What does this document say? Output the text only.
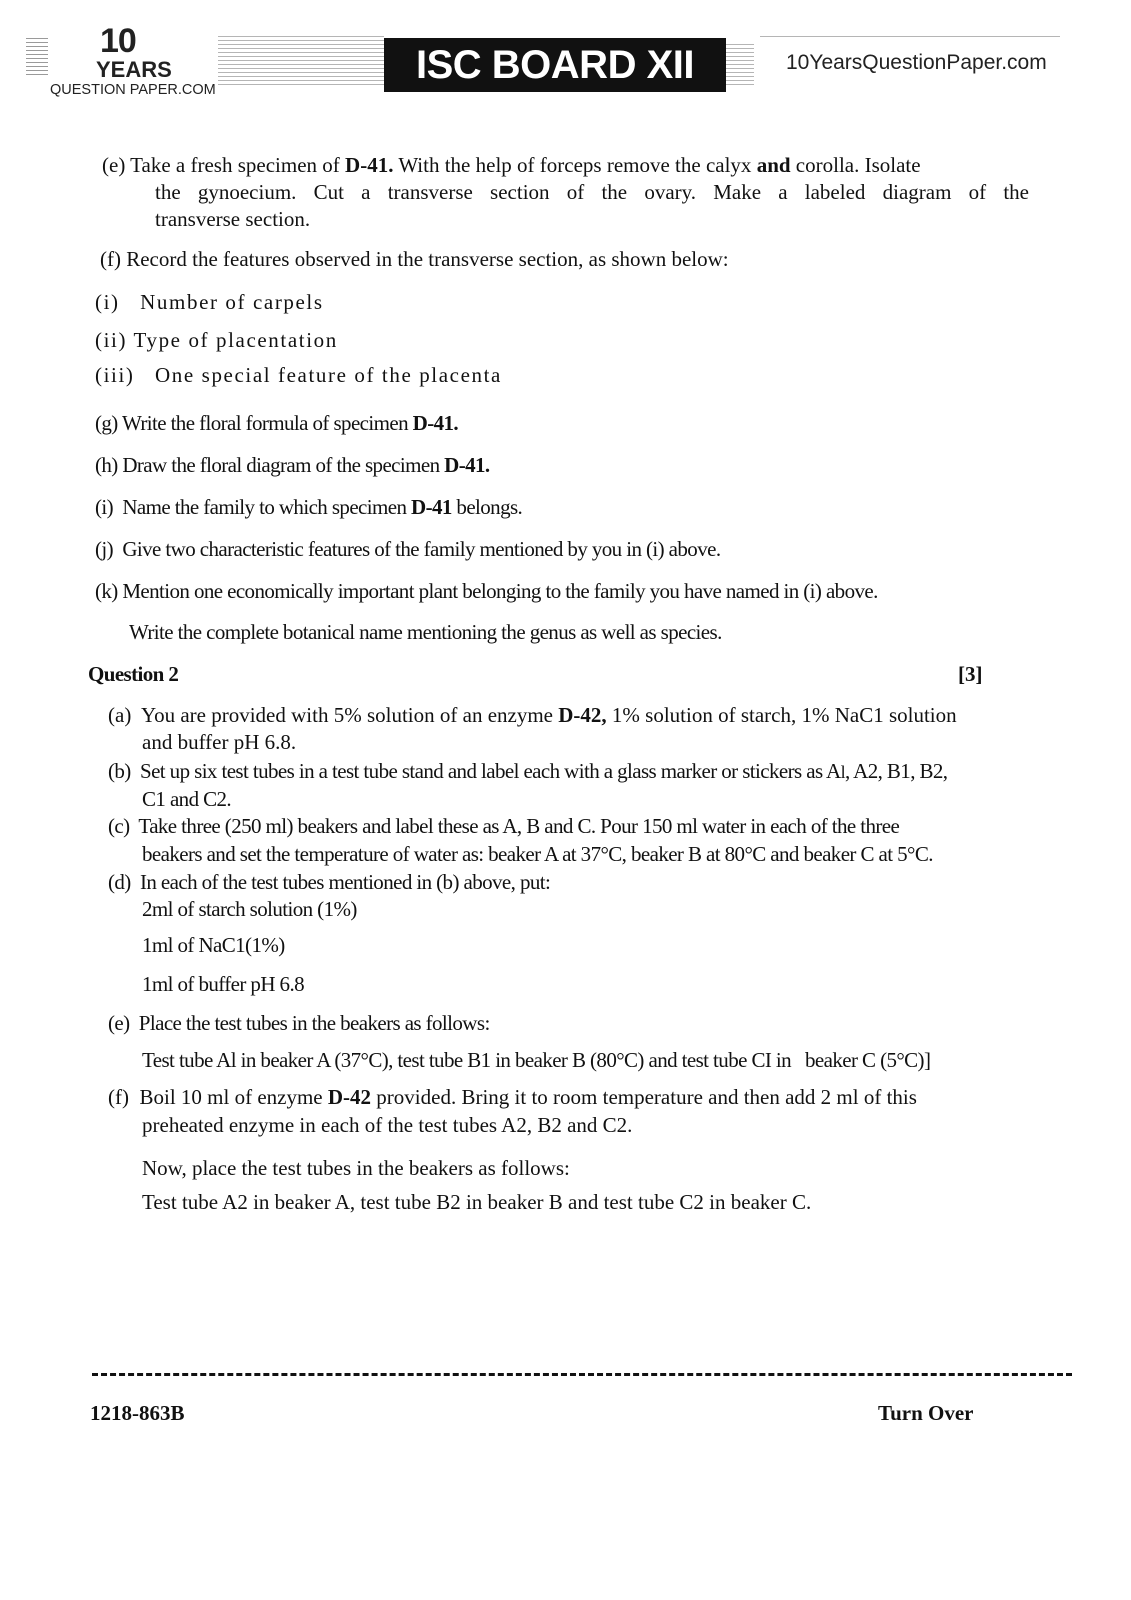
10
YEARS
QUESTION PAPER.COM
ISC BOARD XII	10YearsQuestionPaper.com
(e) Take a fresh specimen of D-41. With the help of forceps remove the calyx and corolla. Isolate
the gynoecium. Cut a transverse section of the ovary. Make a labeled diagram of the
transverse section.
(f) Record the features observed in the transverse section, as shown below:
(i)   Number of carpels
(ii) Type of placentation
(iii)   One special feature of the placenta
(g) Write the floral formula of specimen D-41.
(h) Draw the floral diagram of the specimen D-41.
(i)  Name the family to which specimen D-41 belongs.
(j)  Give two characteristic features of the family mentioned by you in (i) above.
(k) Mention one economically important plant belonging to the family you have named in (i) above.
Write the complete botanical name mentioning the genus as well as species.
Question 2	[3]
(a)  You are provided with 5% solution of an enzyme D-42, 1% solution of starch, 1% NaC1 solution
and buffer pH 6.8.
(b)  Set up six test tubes in a test tube stand and label each with a glass marker or stickers as Al, A2, B1, B2,
C1 and C2.
(c)  Take three (250 ml) beakers and label these as A, B and C. Pour 150 ml water in each of the three
beakers and set the temperature of water as: beaker A at 37°C, beaker B at 80°C and beaker C at 5°C.
(d)  In each of the test tubes mentioned in (b) above, put:
2ml of starch solution (1%)
1ml of NaC1(1%)
1ml of buffer pH 6.8
(e)  Place the test tubes in the beakers as follows:
Test tube Al in beaker A (37°C), test tube B1 in beaker B (80°C) and test tube CI in   beaker C (5°C)]
(f)  Boil 10 ml of enzyme D-42 provided. Bring it to room temperature and then add 2 ml of this
preheated enzyme in each of the test tubes A2, B2 and C2.
Now, place the test tubes in the beakers as follows:
Test tube A2 in beaker A, test tube B2 in beaker B and test tube C2 in beaker C.
1218-863B	Turn Over
